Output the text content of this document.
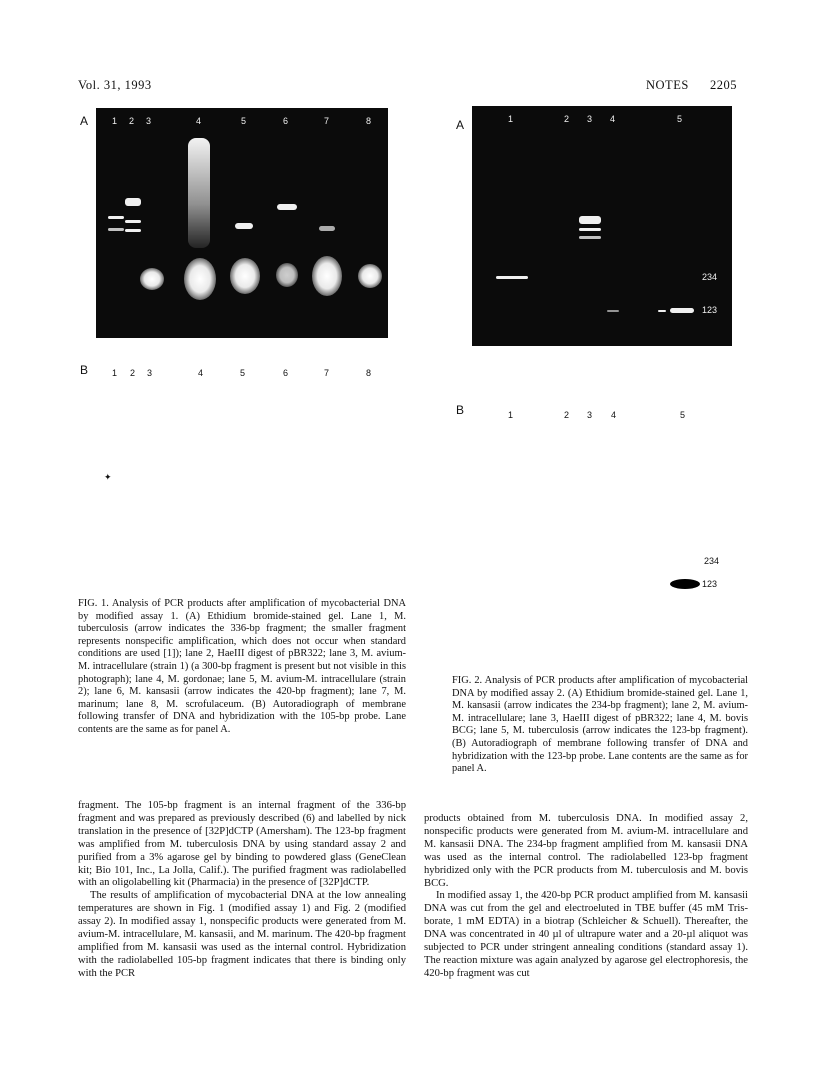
Vol. 31, 1993	NOTES 2205
A	1 2 3	4	5	6	7	8
B	1 2 3	4	5	6	7	8
✦
A	1	2 3 4	5
234
123
B	1	2 3 4	5
234
123
FIG. 1. Analysis of PCR products after amplification of mycobacterial DNA by modified assay 1. (A) Ethidium bromide-stained gel. Lane 1, M. tuberculosis (arrow indicates the 336-bp fragment; the smaller fragment represents nonspecific amplification, which does not occur when standard conditions are used [1]); lane 2, HaeIII digest of pBR322; lane 3, M. avium-M. intracellulare (strain 1) (a 300-bp fragment is present but not visible in this photograph); lane 4, M. gordonae; lane 5, M. avium-M. intracellulare (strain 2); lane 6, M. kansasii (arrow indicates the 420-bp fragment); lane 7, M. marinum; lane 8, M. scrofulaceum. (B) Autoradiograph of membrane following transfer of DNA and hybridization with the 105-bp probe. Lane contents are the same as for panel A.
FIG. 2. Analysis of PCR products after amplification of mycobacterial DNA by modified assay 2. (A) Ethidium bromide-stained gel. Lane 1, M. kansasii (arrow indicates the 234-bp fragment); lane 2, M. avium-M. intracellulare; lane 3, HaeIII digest of pBR322; lane 4, M. bovis BCG; lane 5, M. tuberculosis (arrow indicates the 123-bp fragment). (B) Autoradiograph of membrane following transfer of DNA and hybridization with the 123-bp probe. Lane contents are the same as for panel A.

fragment. The 105-bp fragment is an internal fragment of the 336-bp fragment and was prepared as previously described (6) and labelled by nick translation in the presence of [32P]dCTP (Amersham). The 123-bp fragment was amplified from M. tuberculosis DNA by using standard assay 2 and purified from a 3% agarose gel by binding to powdered glass (GeneClean kit; Bio 101, Inc., La Jolla, Calif.). The purified fragment was radiolabelled with an oligolabelling kit (Pharmacia) in the presence of [32P]dCTP.

The results of amplification of mycobacterial DNA at the low annealing temperatures are shown in Fig. 1 (modified assay 1) and Fig. 2 (modified assay 2). In modified assay 1, nonspecific products were generated from M. avium-M. intracellulare, M. kansasii, and M. marinum. The 420-bp fragment amplified from M. kansasii was used as the internal control. Hybridization with the radiolabelled 105-bp fragment indicates that there is binding only with the PCR

products obtained from M. tuberculosis DNA. In modified assay 2, nonspecific products were generated from M. avium-M. intracellulare and M. kansasii DNA. The 234-bp fragment amplified from M. kansasii DNA was used as the internal control. The radiolabelled 123-bp fragment hybridized only with the PCR products from M. tuberculosis and M. bovis BCG.

In modified assay 1, the 420-bp PCR product amplified from M. kansasii DNA was cut from the gel and electroeluted in TBE buffer (45 mM Tris-borate, 1 mM EDTA) in a biotrap (Schleicher & Schuell). Thereafter, the DNA was concentrated in 40 µl of ultrapure water and a 20-µl aliquot was subjected to PCR under stringent annealing conditions (standard assay 1). The reaction mixture was again analyzed by agarose gel electrophoresis, the 420-bp fragment was cut
